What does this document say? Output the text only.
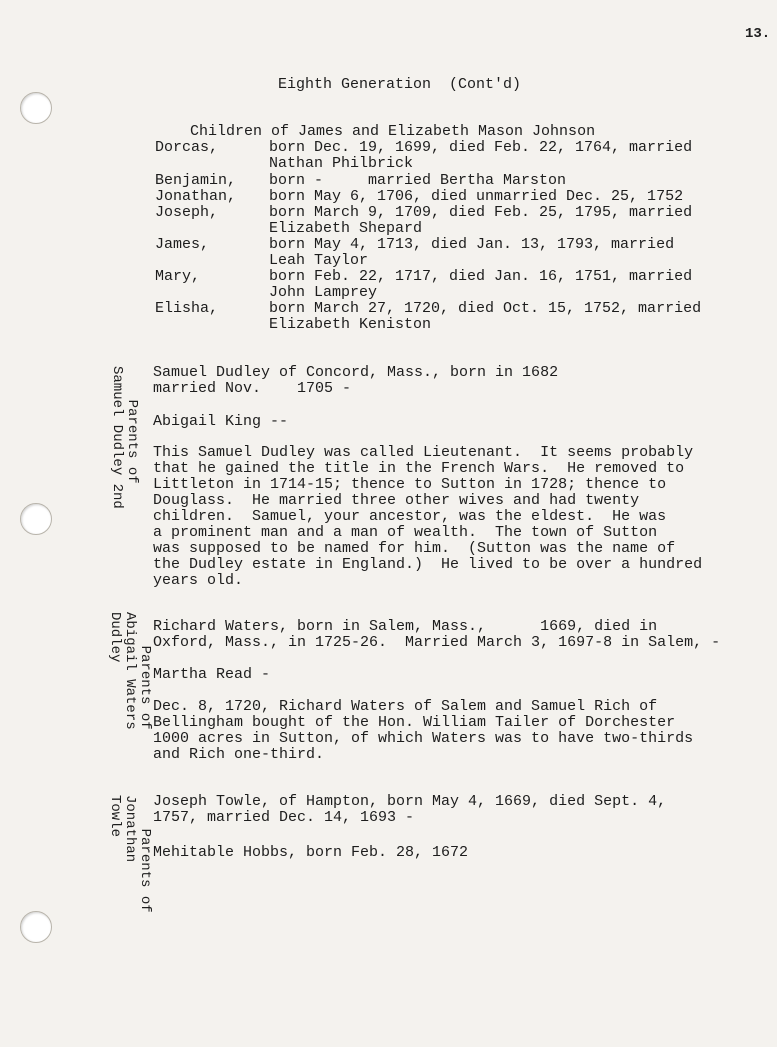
13.
Eighth Generation  (Cont'd)
Children of James and Elizabeth Mason Johnson
Dorcas,	born Dec. 19, 1699, died Feb. 22, 1764, married
Nathan Philbrick
Benjamin, born -     married Bertha Marston
Jonathan, born May 6, 1706, died unmarried Dec. 25, 1752
Joseph,	born March 9, 1709, died Feb. 25, 1795, married
Elizabeth Shepard
James,	born May 4, 1713, died Jan. 13, 1793, married
Leah Taylor
Mary,	born Feb. 22, 1717, died Jan. 16, 1751, married
John Lamprey
Elisha,	born March 27, 1720, died Oct. 15, 1752, married
Elizabeth Keniston

Parents of
Samuel Dudley 2nd
	Samuel Dudley of Concord, Mass., born in 1682
married Nov.    1705 -
Abigail King --
This Samuel Dudley was called Lieutenant.  It seems probably
that he gained the title in the French Wars.  He removed to
Littleton in 1714-15; thence to Sutton in 1728; thence to
Douglass.  He married three other wives and had twenty
children.  Samuel, your ancestor, was the eldest.  He was
a prominent man and a man of wealth.  The town of Sutton
was supposed to be named for him.  (Sutton was the name of
the Dudley estate in England.)  He lived to be over a hundred
years old.

Parents of
Abigail Waters
Dudley
	Richard Waters, born in Salem, Mass.,      1669, died in
Oxford, Mass., in 1725-26.  Married March 3, 1697-8 in Salem, -
Martha Read -
Dec. 8, 1720, Richard Waters of Salem and Samuel Rich of
Bellingham bought of the Hon. William Tailer of Dorchester
1000 acres in Sutton, of which Waters was to have two-thirds
and Rich one-third.

Parents of
Jonathan
Towle
	Joseph Towle, of Hampton, born May 4, 1669, died Sept. 4,
1757, married Dec. 14, 1693 -
Mehitable Hobbs, born Feb. 28, 1672
